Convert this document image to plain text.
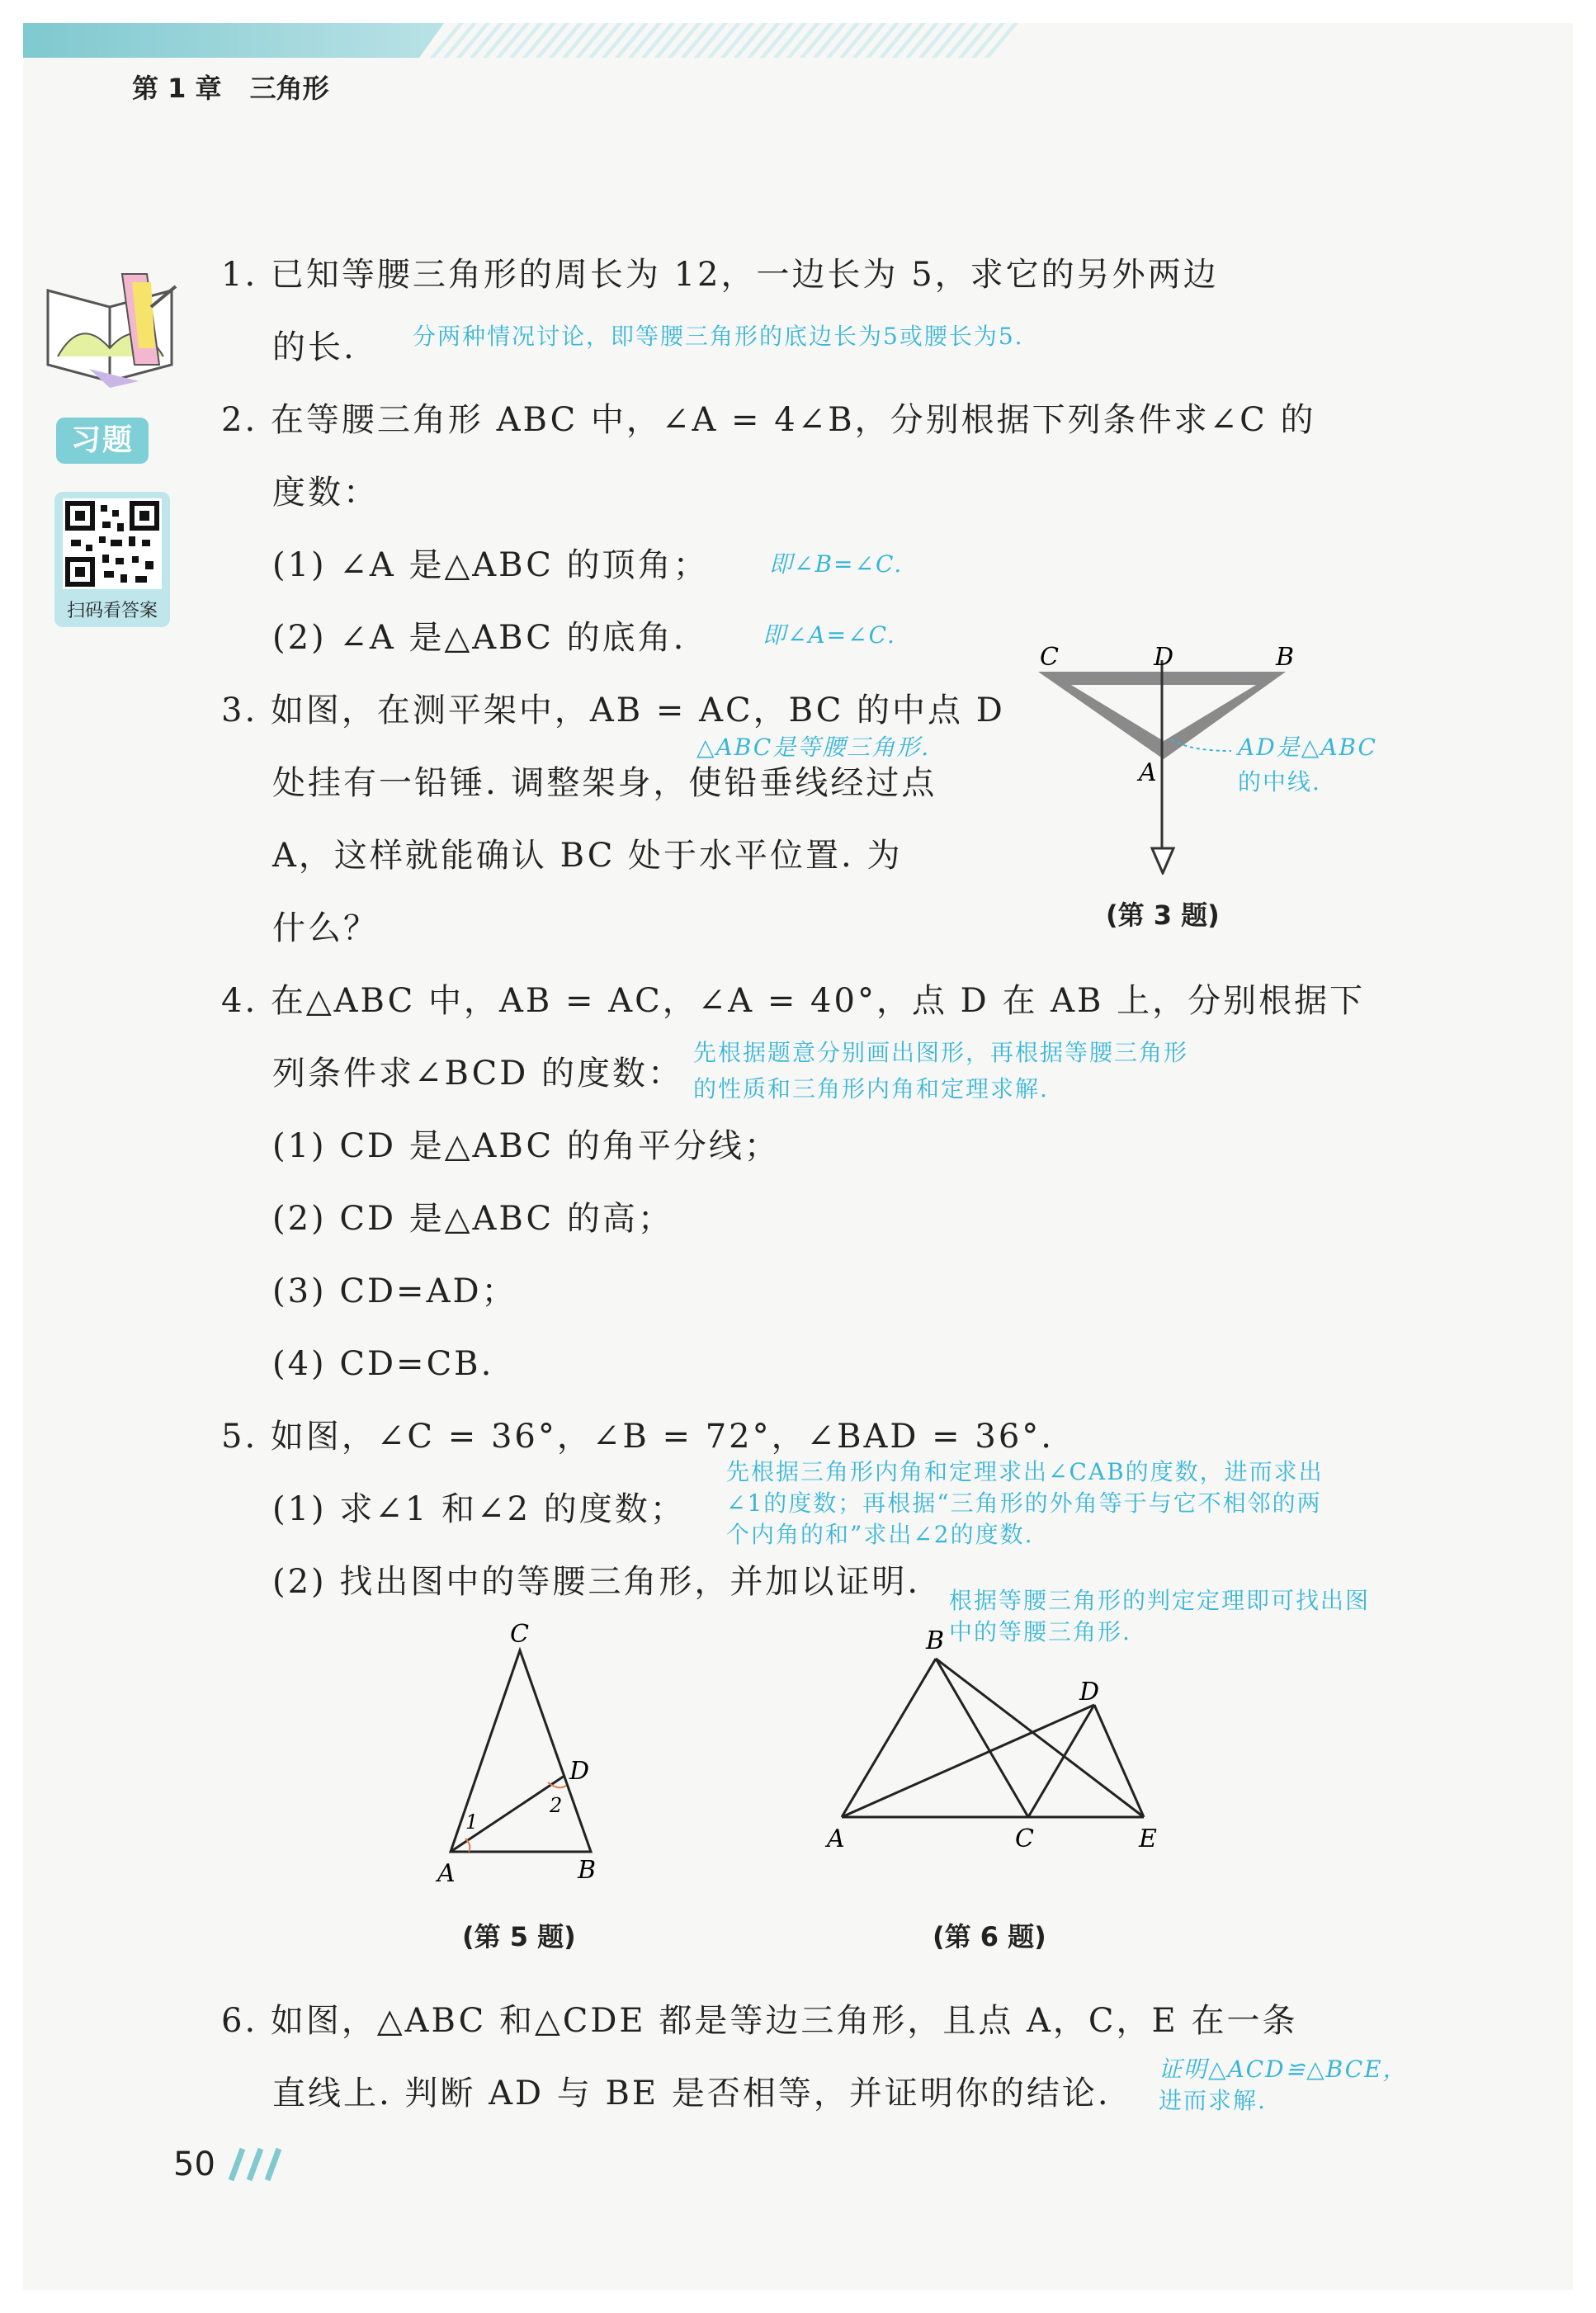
第 1 章 三角形
习题
扫码看答案
1. 已知等腰三角形的周长为 12，一边长为 5，求它的另外两边
的长. 分两种情况讨论，即等腰三角形的底边长为5或腰长为5.
2. 在等腰三角形 ABC 中，∠A = 4∠B，分别根据下列条件求∠C 的
度数：
(1) ∠A 是△ABC 的顶角；	即∠B=∠C.
(2) ∠A 是△ABC 的底角.	即∠A=∠C.
3. 如图，在测平架中，AB = AC，BC 的中点 D
△ABC是等腰三角形.
处挂有一铅锤. 调整架身，使铅垂线经过点
A，这样就能确认 BC 处于水平位置. 为
什么？
C	D	B
A
AD是△ABC
的中线.
(第 3 题)
4. 在△ABC 中，AB = AC，∠A = 40°，点 D 在 AB 上，分别根据下
列条件求∠BCD 的度数：
先根据题意分别画出图形，再根据等腰三角形
的性质和三角形内角和定理求解.
(1) CD 是△ABC 的角平分线；
(2) CD 是△ABC 的高；
(3) CD=AD；
(4) CD=CB.
5. 如图，∠C = 36°，∠B = 72°，∠BAD = 36°.
(1) 求∠1 和∠2 的度数；
先根据三角形内角和定理求出∠CAB的度数，进而求出
∠1的度数；再根据“三角形的外角等于与它不相邻的两
个内角的和”求出∠2的度数.
(2) 找出图中的等腰三角形，并加以证明. 根据等腰三角形的判定定理即可找出图
中的等腰三角形.
C
D
A	B
1
2
(第 5 题)
B
D
A	C	E
(第 6 题)
6. 如图，△ABC 和△CDE 都是等边三角形，且点 A，C，E 在一条
直线上. 判断 AD 与 BE 是否相等，并证明你的结论.
证明△ACD≌△BCE，
进而求解.
50
